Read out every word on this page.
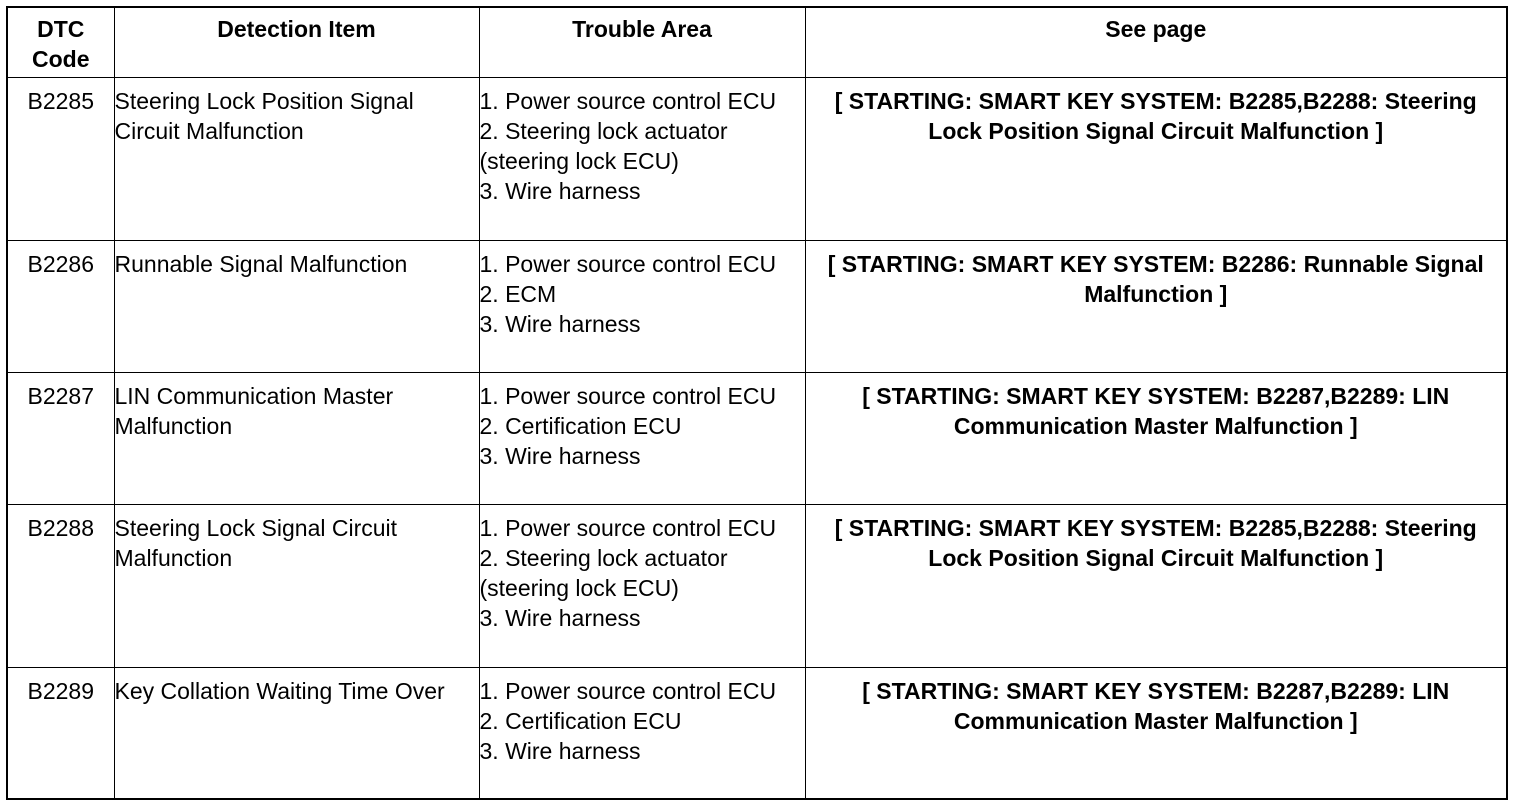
DTC
Code	Detection Item	Trouble Area	See page
B2285	Steering Lock Position Signal Circuit Malfunction	1. Power source control ECU
2. Steering lock actuator (steering lock ECU)
3. Wire harness	[ STARTING: SMART KEY SYSTEM: B2285,B2288: Steering Lock Position Signal Circuit Malfunction ]
B2286	Runnable Signal Malfunction	1. Power source control ECU
2. ECM
3. Wire harness	[ STARTING: SMART KEY SYSTEM: B2286: Runnable Signal Malfunction ]
B2287	LIN Communication Master Malfunction	1. Power source control ECU
2. Certification ECU
3. Wire harness	[ STARTING: SMART KEY SYSTEM: B2287,B2289: LIN Communication Master Malfunction ]
B2288	Steering Lock Signal Circuit Malfunction	1. Power source control ECU
2. Steering lock actuator (steering lock ECU)
3. Wire harness	[ STARTING: SMART KEY SYSTEM: B2285,B2288: Steering Lock Position Signal Circuit Malfunction ]
B2289	Key Collation Waiting Time Over	1. Power source control ECU
2. Certification ECU
3. Wire harness	[ STARTING: SMART KEY SYSTEM: B2287,B2289: LIN Communication Master Malfunction ]
